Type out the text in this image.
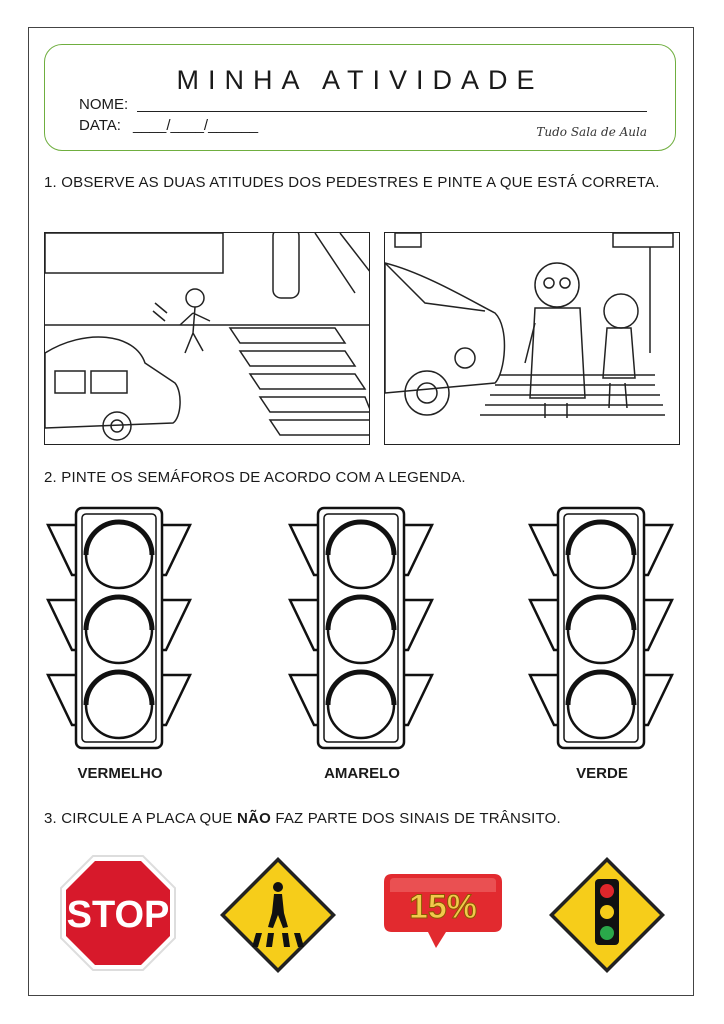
MINHA ATIVIDADE
NOME:
DATA: ____/____/______	Tudo Sala de Aula
1. OBSERVE AS DUAS ATITUDES DOS PEDESTRES E PINTE A QUE ESTÁ CORRETA.
2. PINTE OS SEMÁFOROS DE ACORDO COM A LEGENDA.
VERMELHO	AMARELO	VERDE
3. CIRCULE A PLACA QUE NÃO FAZ PARTE DOS SINAIS DE TRÂNSITO.
STOP	15%
